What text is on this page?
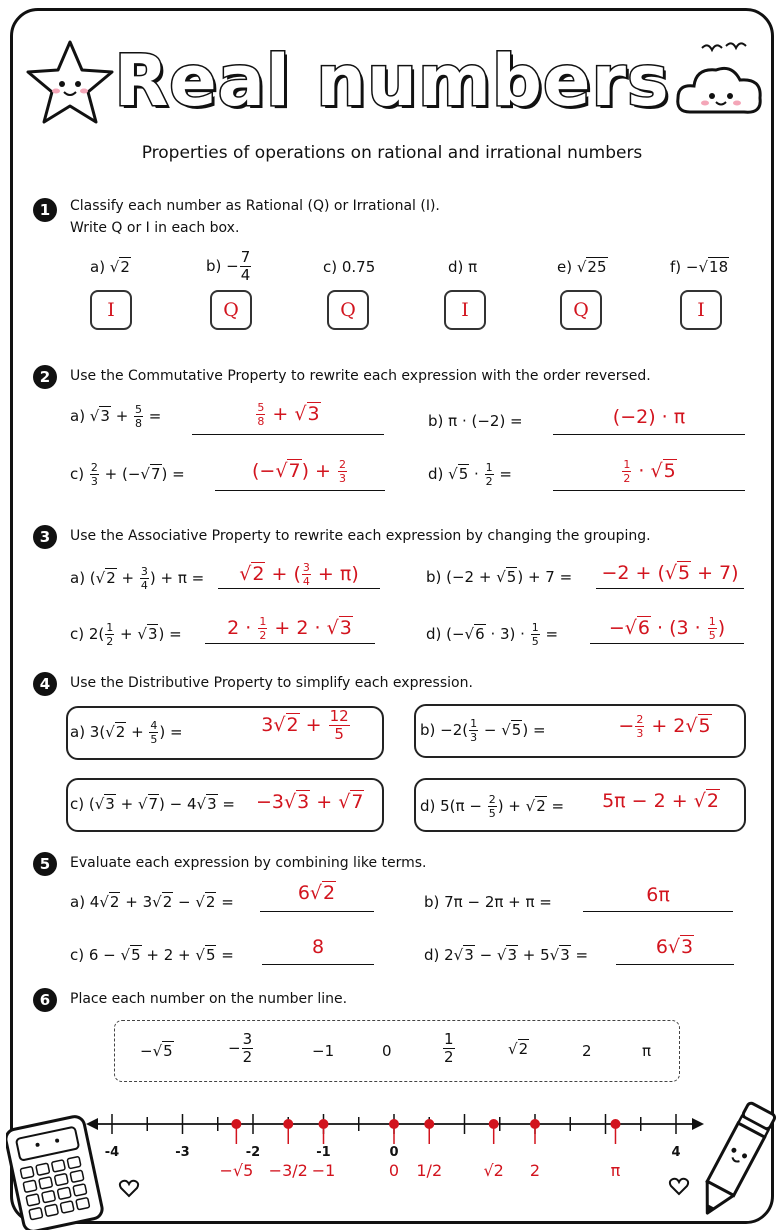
Real numbers
Properties of operations on rational and irrational numbers
1	Classify each number as Rational (Q) or Irrational (I).
Write Q or I in each box.
a) √2	$b) - \frac{7}{4}$	c) 0.75	d) π	e) √25	f) −√18
I	Q	Q	I	Q	I
2	Use the Commutative Property to rewrite each expression with the order reversed.
a) $√3 + \frac{5}{8}$ =	$\frac{5}{8} + √3$	b) π · (−2) =	(−2) · π
$c) \frac{2}{3} + (-√7)$ =	$(-√7) + \frac{2}{3}$	d) $√5 \cdot \frac{1}{2}$ =	$\frac{1}{2} \cdot √5$
3	Use the Associative Property to rewrite each expression by changing the grouping.
a) ($√2 + \frac{3}{4}$ ) + π =	√2 + ( $\frac{3}{4} + \pi$)	b) (−2 + √5) + 7 = −2 + (√5 + 7)
c) $2( \frac{1}{2} + √3)$ =	$2 \cdot \frac{1}{2} + 2 \cdot √3$	d) $(-√6 \cdot 3) \cdot \frac{1}{5}$ =	$-√6 \cdot (3 \cdot \frac{1}{5}$ )
4	Use the Distributive Property to simplify each expression.
a) $3(√2 + \frac{4}{5}$ ) =	$3√2 + \frac{12}{5}$	$b) -2( \frac{1}{3} - √5)$ =	− $\frac{2}{3} + 2√5$
c) (√3 + √7) − 4√3 = −3√3 + √7	d) $5(\pi - \frac{2}{5}$ ) + √2 = 5π − 2 + √2
5	Evaluate each expression by combining like terms.
a) 4√2 + 3√2 − √2 =	6√2	b) 7π − 2π + π =	6π
c) 6 − √5 + 2 + √5 =	8	d) 2√3 − √3 + 5√3 =	6√3
6	Place each number on the number line.
−√5	− $\frac{3}{2}$	−1	0	$\frac{1}{2}$	√2	2	π
-4	-3	-2	-1	0	4
−√5 −3/2 −1	0 1/2	√2 2	π
